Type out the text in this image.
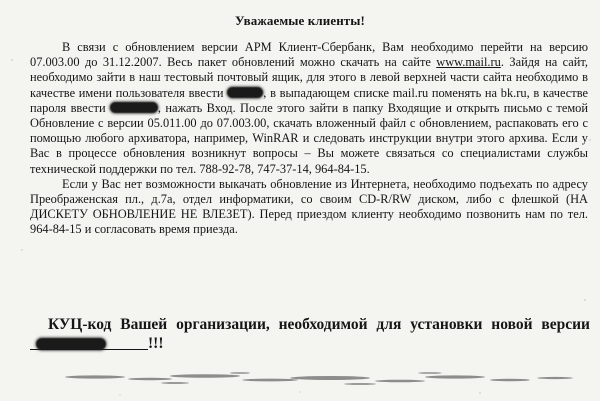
Уважаемые клиенты!

В связи с обновлением версии АРМ Клиент-Сбербанк, Вам необходимо перейти на версию 07.003.00 до 31.12.2007. Весь пакет обновлений можно скачать на сайте www.mail.ru. Зайдя на сайт, необходимо зайти в наш тестовый почтовый ящик, для этого в левой верхней части сайта необходимо в качестве имени пользователя ввести	, в выпадающем списке mail.ru поменять на bk.ru, в качестве пароля ввести	, нажать Вход. После этого зайти в папку Входящие и открыть письмо с темой Обновление с версии 05.011.00 до 07.003.00, скачать вложенный файл с обновлением, распаковать его с помощью любого архиватора, например, WinRAR и следовать инструкции внутри этого архива. Если у Вас в процессе обновления возникнут вопросы – Вы можете связаться со специалистами службы технической поддержки по тел. 788-92-78, 747-37-14, 964-84-15.

Если у Вас нет возможности выкачать обновление из Интернета, необходимо подъехать по адресу Преображенская пл., д.7а, отдел информатики, со своим CD-R/RW диском, либо с флешкой (НА ДИСКЕТУ ОБНОВЛЕНИЕ НЕ ВЛЕЗЕТ). Перед приездом клиенту необходимо позвонить нам по тел. 964-84-15 и согласовать время приезда.

КУЦ-код Вашей организации, необходимой для установки новой версии
!!!
